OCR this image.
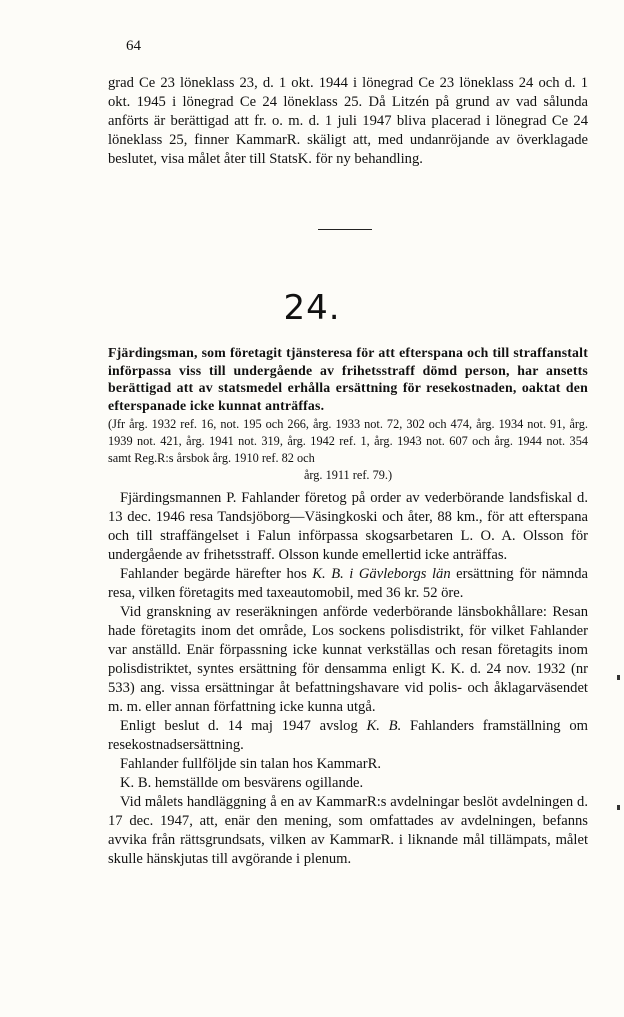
64

grad Ce 23 löneklass 23, d. 1 okt. 1944 i lönegrad Ce 23 löneklass 24 och d. 1 okt. 1945 i lönegrad Ce 24 löneklass 25. Då Litzén på grund av vad sålunda anförts är berättigad att fr. o. m. d. 1 juli 1947 bliva placerad i lönegrad Ce 24 löneklass 25, finner KammarR. skäligt att, med undanröjande av överklagade beslutet, visa målet åter till StatsK. för ny behandling.

24.
Fjärdingsman, som företagit tjänsteresa för att efterspana och till straffanstalt införpassa viss till undergående av frihetsstraff dömd person, har ansetts berättigad att av statsmedel erhålla ersättning för resekostnaden, oaktat den efterspanade icke kunnat anträffas.
(Jfr årg. 1932 ref. 16, not. 195 och 266, årg. 1933 not. 72, 302 och 474, årg. 1934 not. 91, årg. 1939 not. 421, årg. 1941 not. 319, årg. 1942 ref. 1, årg. 1943 not. 607 och årg. 1944 not. 354 samt Reg.R:s årsbok årg. 1910 ref. 82 och
årg. 1911 ref. 79.)

Fjärdingsmannen P. Fahlander företog på order av vederbörande landsfiskal d. 13 dec. 1946 resa Tandsjöborg—Väsingkoski och åter, 88 km., för att efterspana och till straffängelset i Falun införpassa skogsarbetaren L. O. A. Olsson för undergående av frihetsstraff. Olsson kunde emellertid icke anträffas.

Fahlander begärde härefter hos K. B. i Gävleborgs län ersättning för nämnda resa, vilken företagits med taxeautomobil, med 36 kr. 52 öre.

Vid granskning av reseräkningen anförde vederbörande länsbokhållare: Resan hade företagits inom det område, Los sockens polisdistrikt, för vilket Fahlander var anställd. Enär förpassning icke kunnat verkställas och resan företagits inom polisdistriktet, syntes ersättning för densamma enligt K. K. d. 24 nov. 1932 (nr 533) ang. vissa ersättningar åt befattningshavare vid polis- och åklagarväsendet m. m. eller annan författning icke kunna utgå.

Enligt beslut d. 14 maj 1947 avslog K. B. Fahlanders framställning om resekostnadsersättning.

Fahlander fullföljde sin talan hos KammarR.

K. B. hemställde om besvärens ogillande.

Vid målets handläggning å en av KammarR:s avdelningar beslöt avdelningen d. 17 dec. 1947, att, enär den mening, som omfattades av avdelningen, befanns avvika från rättsgrundsats, vilken av KammarR. i liknande mål tillämpats, målet skulle hänskjutas till avgörande i plenum.
